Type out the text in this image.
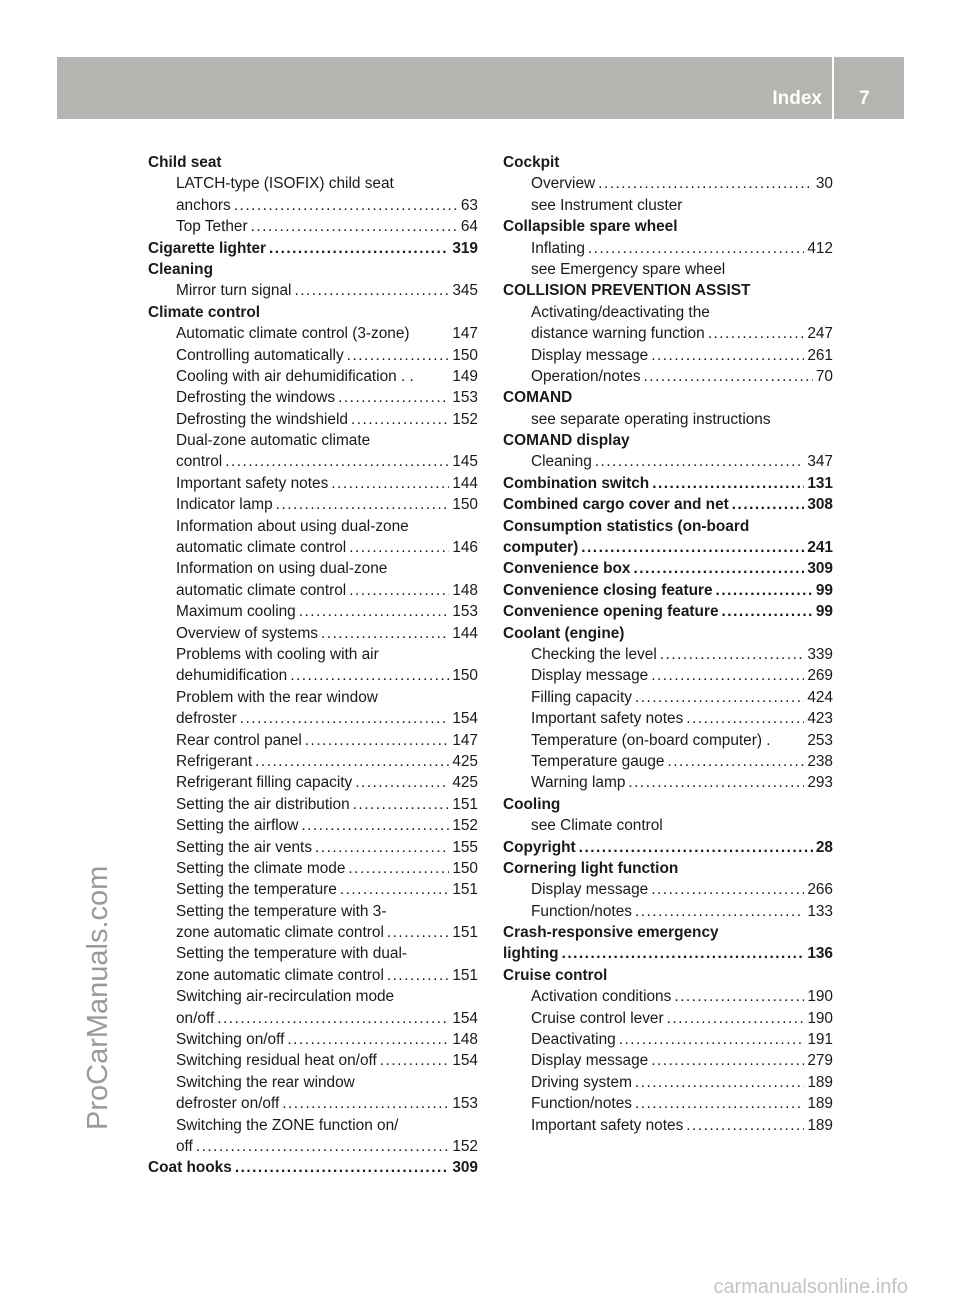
Index 7
Child seat
LATCH-type (ISOFIX) child seat
anchors .....	63
Top Tether .....	64
Cigarette lighter .....	319
Cleaning
Mirror turn signal .....	345
Climate control
Automatic climate control (3-zone)	147
Controlling automatically .....	150
Cooling with air dehumidification . . 149
Defrosting the windows .....	153
Defrosting the windshield .....	152
Dual-zone automatic climate
control .....	145
Important safety notes .....	144
Indicator lamp .....	150
Information about using dual-zone
automatic climate control .....	146
Information on using dual-zone
automatic climate control .....	148
Maximum cooling .....	153
Overview of systems .....	144
Problems with cooling with air
dehumidification .....	150
Problem with the rear window
defroster .....	154
Rear control panel .....	147
Refrigerant .....	425
Refrigerant filling capacity .....	425
Setting the air distribution .....	151
Setting the airflow .....	152
Setting the air vents .....	155
Setting the climate mode .....	150
Setting the temperature .....	151
Setting the temperature with 3-
zone automatic climate control .....	151
Setting the temperature with dual-
zone automatic climate control .....	151
Switching air-recirculation mode
on/off .....	154
Switching on/off .....	148
Switching residual heat on/off .....	154
Switching the rear window
defroster on/off .....	153
Switching the ZONE function on/
off .....	152
Coat hooks .....	309
Cockpit
Overview .....	30
see Instrument cluster
Collapsible spare wheel
Inflating .....	412
see Emergency spare wheel
COLLISION PREVENTION ASSIST
Activating/deactivating the
distance warning function .....	247
Display message .....	261
Operation/notes .....	70
COMAND
see separate operating instructions
COMAND display
Cleaning .....	347
Combination switch .....	131
Combined cargo cover and net .....	308
Consumption statistics (on-board
computer) .....	241
Convenience box .....	309
Convenience closing feature .....	99
Convenience opening feature .....	99
Coolant (engine)
Checking the level .....	339
Display message .....	269
Filling capacity .....	424
Important safety notes .....	423
Temperature (on-board computer) . 253
Temperature gauge .....	238
Warning lamp .....	293
Cooling
see Climate control
Copyright .....	28
Cornering light function
Display message .....	266
Function/notes .....	133
Crash-responsive emergency
lighting .....	136
Cruise control
Activation conditions .....	190
Cruise control lever .....	190
Deactivating .....	191
Display message .....	279
Driving system .....	189
Function/notes .....	189
Important safety notes .....	189
ProCarManuals.com
carmanualsonline.info
